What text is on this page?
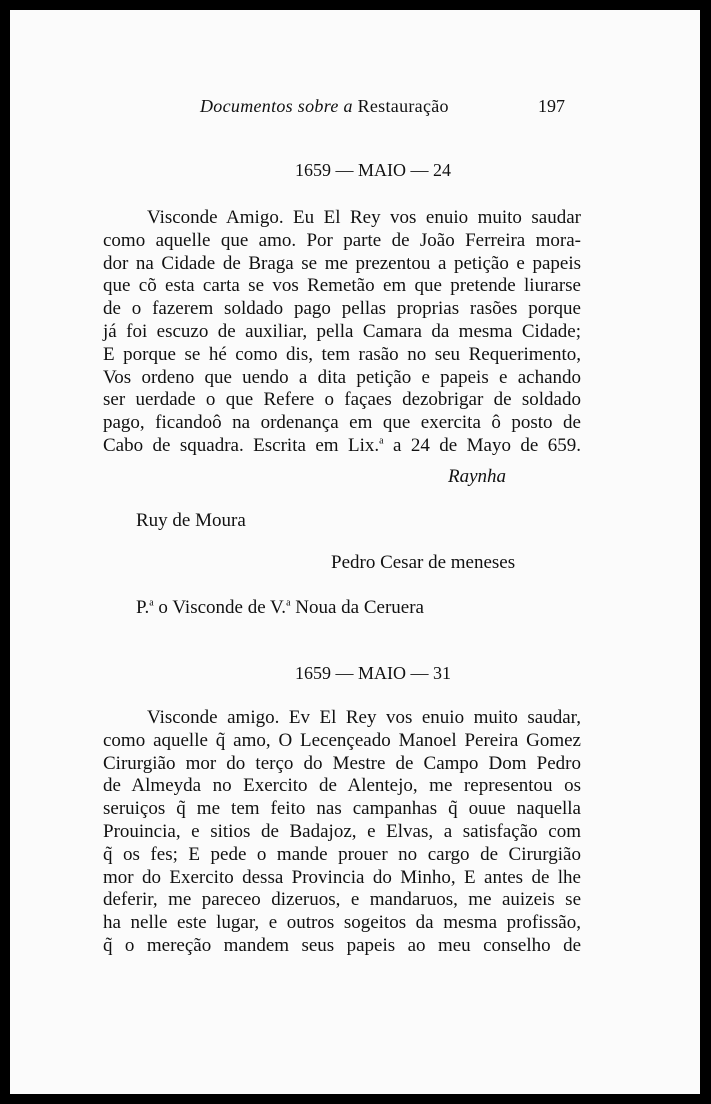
Documentos sobre a Restauração	197
1659 — MAIO — 24
Visconde Amigo. Eu El Rey vos enuio muito saudar
como aquelle que amo. Por parte de João Ferreira mora-
dor na Cidade de Braga se me prezentou a petição e papeis
que cõ esta carta se vos Remetão em que pretende liurarse
de o fazerem soldado pago pellas proprias rasões porque
já foi escuzo de auxiliar, pella Camara da mesma Cidade;
E porque se hé como dis, tem rasão no seu Requerimento,
Vos ordeno que uendo a dita petição e papeis e achando
ser uerdade o que Refere o façaes dezobrigar de soldado
pago, ficandoô na ordenança em que exercita ô posto de
Cabo de squadra. Escrita em Lix.$^a$ a 24 de Mayo de 659.
Raynha
Ruy de Moura
Pedro Cesar de meneses
P.$^a$ o Visconde de V.$^a$ Noua da Ceruera
1659 — MAIO — 31
Visconde amigo. Ev El Rey vos enuio muito saudar,
como aquelle q̃ amo, O Lecençeado Manoel Pereira Gomez
Cirurgião mor do terço do Mestre de Campo Dom Pedro
de Almeyda no Exercito de Alentejo, me representou os
seruiços q̃ me tem feito nas campanhas q̃ ouue naquella
Prouincia, e sitios de Badajoz, e Elvas, a satisfação com
q̃ os fes; E pede o mande prouer no cargo de Cirurgião
mor do Exercito dessa Provincia do Minho, E antes de lhe
deferir, me pareceo dizeruos, e mandaruos, me auizeis se
ha nelle este lugar, e outros sogeitos da mesma profissão,
q̃ o mereção mandem seus papeis ao meu conselho de
